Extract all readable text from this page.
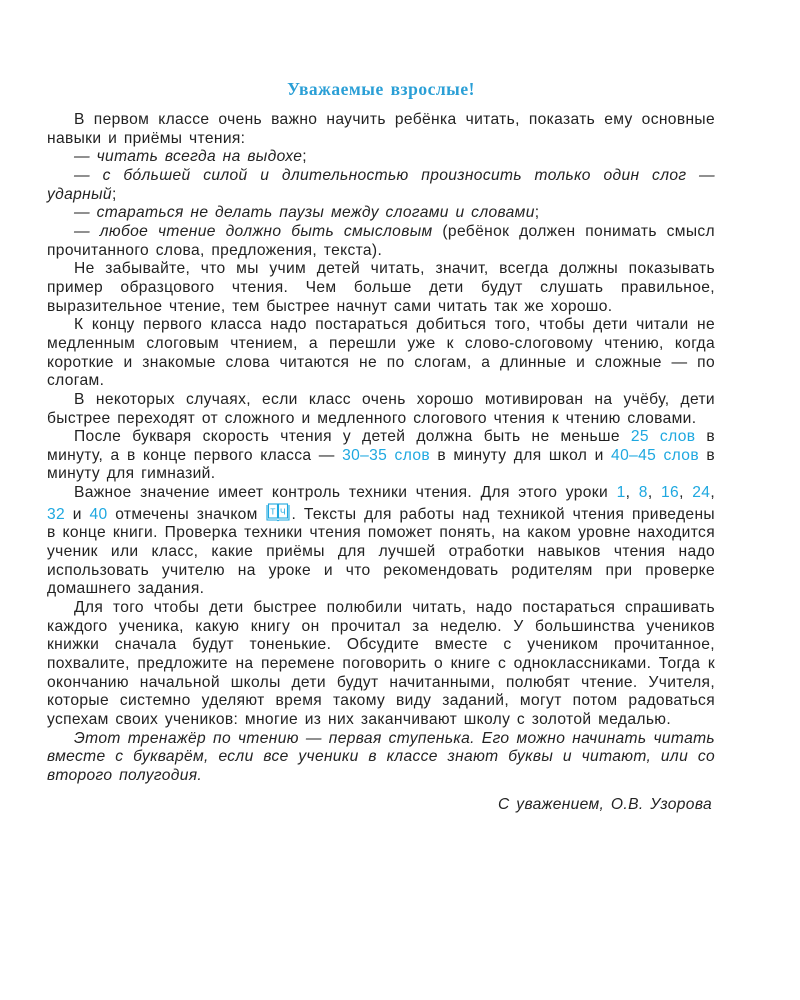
Уважаемые взрослые!

В первом классе очень важно научить ребёнка читать, показать ему основные навыки и приёмы чтения:

— читать всегда на выдохе;

— с бо́льшей силой и длительностью произносить только один слог — ударный;

— стараться не делать паузы между слогами и словами;

— любое чтение должно быть смысловым (ребёнок должен понимать смысл прочитанного слова, предложения, текста).

Не забывайте, что мы учим детей читать, значит, всегда должны показывать пример образцового чтения. Чем больше дети будут слушать правильное, выразительное чтение, тем быстрее начнут сами читать так же хорошо.

К концу первого класса надо постараться добиться того, чтобы дети читали не медленным слоговым чтением, а перешли уже к слово-слоговому чтению, когда короткие и знакомые слова читаются не по слогам, а длинные и сложные — по слогам.

В некоторых случаях, если класс очень хорошо мотивирован на учёбу, дети быстрее переходят от сложного и медленного слогового чтения к чтению словами.

После букваря скорость чтения у детей должна быть не меньше 25 слов в минуту, а в конце первого класса — 30–35 слов в минуту для школ и 40–45 слов в минуту для гимназий.

Важное значение имеет контроль техники чтения. Для этого уроки 1, 8, 16, 24, 32 и 40 отмечены значком Т Ч . Тексты для работы над техникой чтения приведены в конце книги. Проверка техники чтения поможет понять, на каком уровне находится ученик или класс, какие приёмы для лучшей отработки навыков чтения надо использовать учителю на уроке и что рекомендовать родителям при проверке домашнего задания.

Для того чтобы дети быстрее полюбили читать, надо постараться спрашивать каждого ученика, какую книгу он прочитал за неделю. У большинства учеников книжки сначала будут тоненькие. Обсудите вместе с учеником прочитанное, похвалите, предложите на перемене поговорить о книге с одноклассниками. Тогда к окончанию начальной школы дети будут начитанными, полюбят чтение. Учителя, которые системно уделяют время такому виду заданий, могут потом радоваться успехам своих учеников: многие из них заканчивают школу с золотой медалью.

Этот тренажёр по чтению — первая ступенька. Его можно начинать читать вместе с букварём, если все ученики в классе знают буквы и читают, или со второго полугодия.

С уважением, О.В. Узорова
